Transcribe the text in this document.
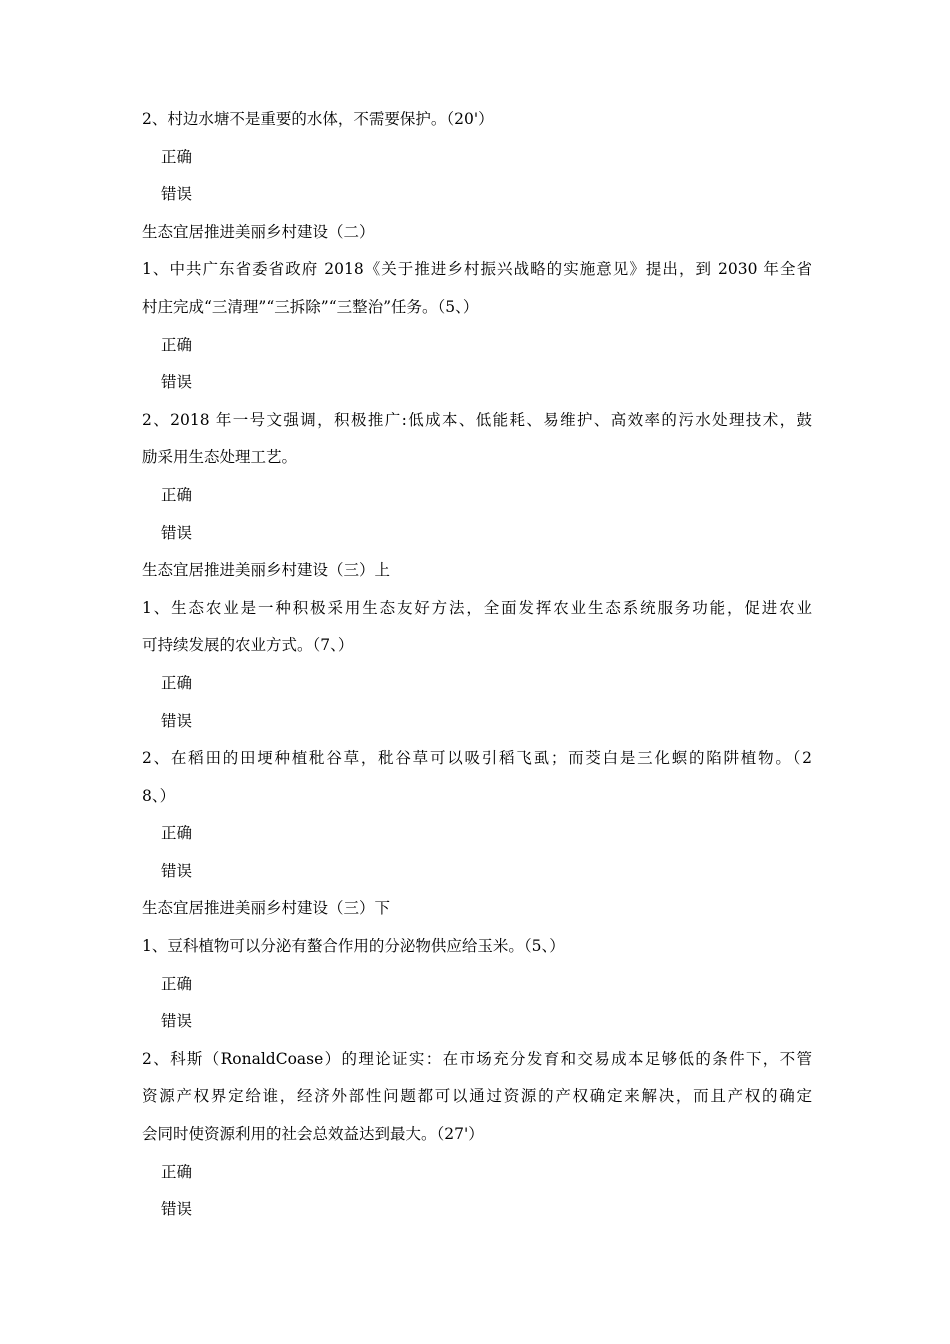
2、村边水塘不是重要的水体，不需要保护。（20'）
正确
错误
生态宜居推进美丽乡村建设（二）
1、中共广东省委省政府 2018《关于推进乡村振兴战略的实施意见》提出，到 2030 年全省
村庄完成“三清理”“三拆除”“三整治”任务。（5、）
正确
错误
2、2018 年一号文强调，积极推广:低成本、低能耗、易维护、高效率的污水处理技术，鼓
励采用生态处理工艺。
正确
错误
生态宜居推进美丽乡村建设（三）上
1、生态农业是一种积极采用生态友好方法，全面发挥农业生态系统服务功能，促进农业
可持续发展的农业方式。（7、）
正确
错误
2、在稻田的田埂种植秕谷草，秕谷草可以吸引稻飞虱；而茭白是三化螟的陷阱植物。（2
8、）
正确
错误
生态宜居推进美丽乡村建设（三）下
1、豆科植物可以分泌有螯合作用的分泌物供应给玉米。（5、）
正确
错误
2、科斯（RonaldCoase）的理论证实：在市场充分发育和交易成本足够低的条件下，不管
资源产权界定给谁，经济外部性问题都可以通过资源的产权确定来解决，而且产权的确定
会同时使资源利用的社会总效益达到最大。（27'）
正确
错误
